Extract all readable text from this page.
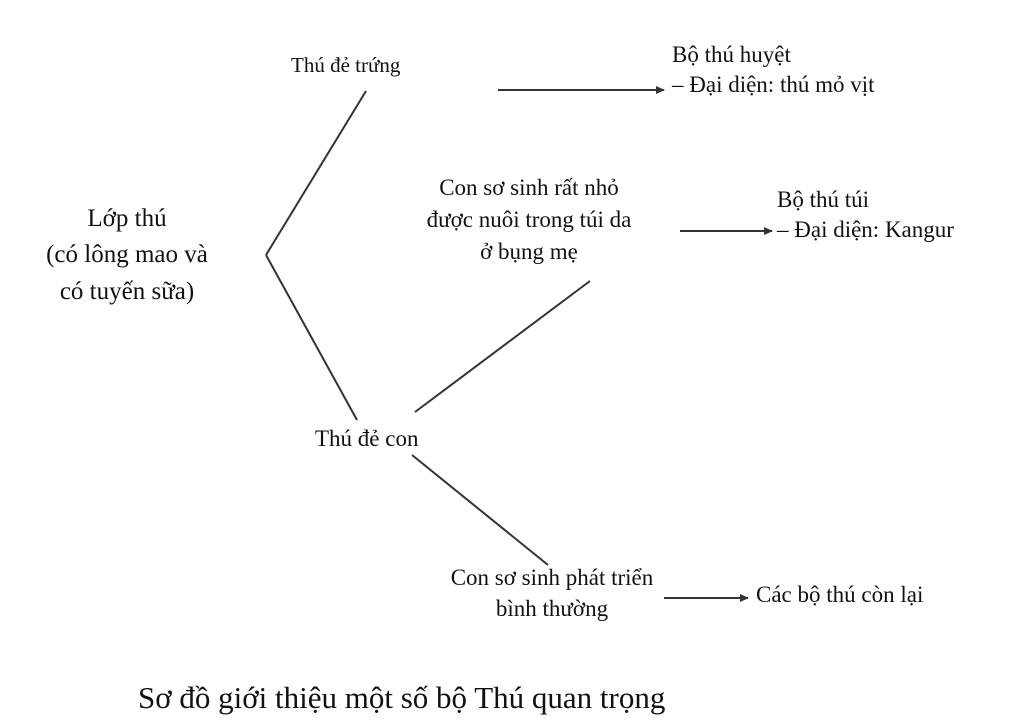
Lớp thú
(có lông mao và
có tuyến sữa)
Thú đẻ trứng	Bộ thú huyệt
– Đại diện: thú mỏ vịt
Con sơ sinh rất nhỏ
được nuôi trong túi da
ở bụng mẹ
Bộ thú túi
– Đại diện: Kangur
Thú đẻ con
Con sơ sinh phát triển
bình thường
Các bộ thú còn lại
Sơ đồ giới thiệu một số bộ Thú quan trọng
